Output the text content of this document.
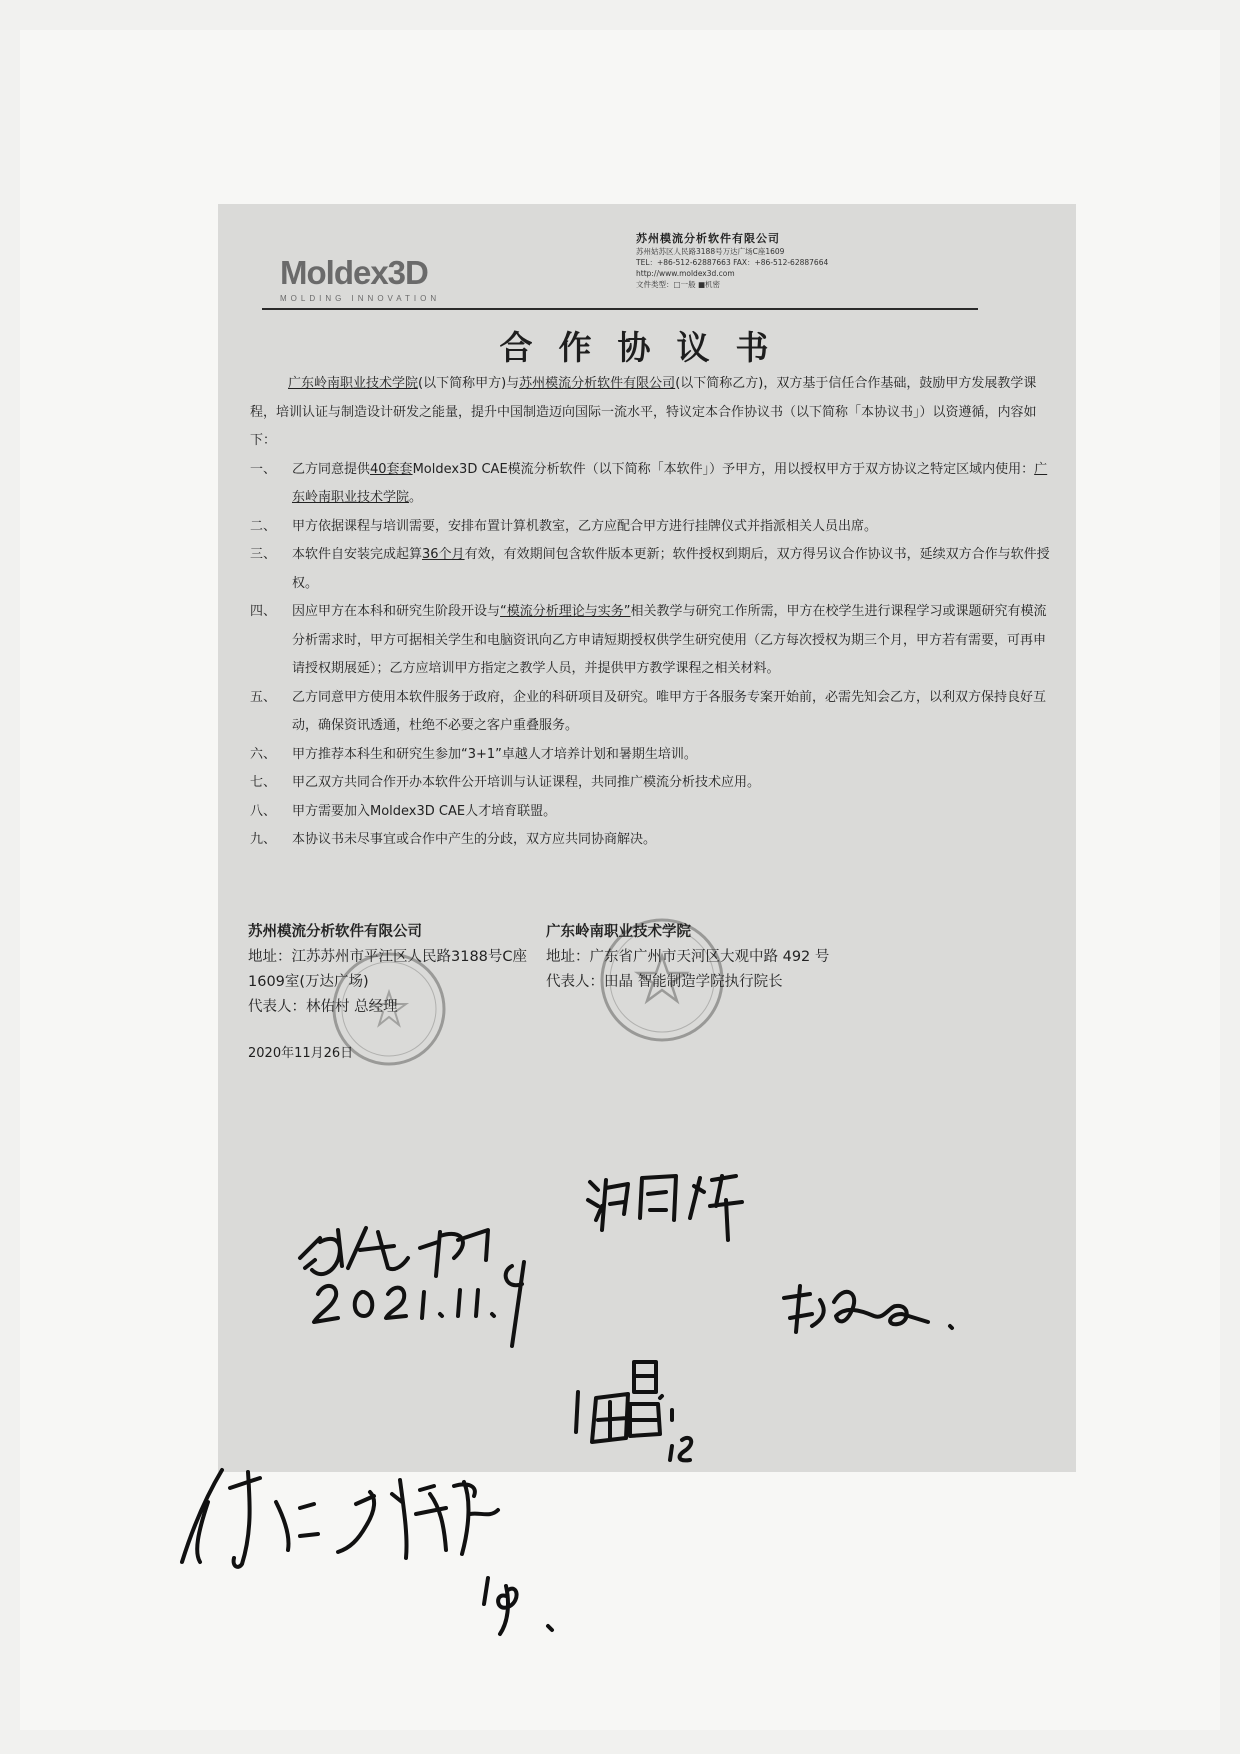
Moldex3D
MOLDING INNOVATION
苏州模流分析软件有限公司
苏州姑苏区人民路3188号万达广场C座1609
TEL：+86-512-62887663 FAX：+86-512-62887664
http://www.moldex3d.com
文件类型：□一般 ■机密
合作协议书
广东岭南职业技术学院(以下简称甲方)与苏州模流分析软件有限公司(以下简称乙方)，双方基于信任合作基础，鼓励甲方发展教学课程，培训认证与制造设计研发之能量，提升中国制造迈向国际一流水平，特议定本合作协议书（以下简称「本协议书」）以资遵循，内容如下：
一、 乙方同意提供40套套Moldex3D CAE模流分析软件（以下简称「本软件」）予甲方，用以授权甲方于双方协议之特定区域内使用：广东岭南职业技术学院。
二、 甲方依据课程与培训需要，安排布置计算机教室，乙方应配合甲方进行挂牌仪式并指派相关人员出席。
三、 本软件自安装完成起算36个月有效，有效期间包含软件版本更新；软件授权到期后，双方得另议合作协议书，延续双方合作与软件授权。
四、 因应甲方在本科和研究生阶段开设与“模流分析理论与实务”相关教学与研究工作所需，甲方在校学生进行课程学习或课题研究有模流分析需求时，甲方可据相关学生和电脑资讯向乙方申请短期授权供学生研究使用（乙方每次授权为期三个月，甲方若有需要，可再申请授权期展延）；乙方应培训甲方指定之教学人员，并提供甲方教学课程之相关材料。
五、 乙方同意甲方使用本软件服务于政府，企业的科研项目及研究。唯甲方于各服务专案开始前，必需先知会乙方，以利双方保持良好互动，确保资讯透通，杜绝不必要之客户重叠服务。
六、 甲方推荐本科生和研究生参加“3+1”卓越人才培养计划和暑期生培训。
七、 甲乙双方共同合作开办本软件公开培训与认证课程，共同推广模流分析技术应用。
八、 甲方需要加入Moldex3D CAE人才培育联盟。
九、 本协议书未尽事宜或合作中产生的分歧，双方应共同协商解决。
苏州模流分析软件有限公司
地址：江苏苏州市平江区人民路3188号C座1609室(万达广场)
代表人：林佑村 总经理
广东岭南职业技术学院
地址：广东省广州市天河区大观中路 492 号
代表人：田晶 智能制造学院执行院长
2020年11月26日
